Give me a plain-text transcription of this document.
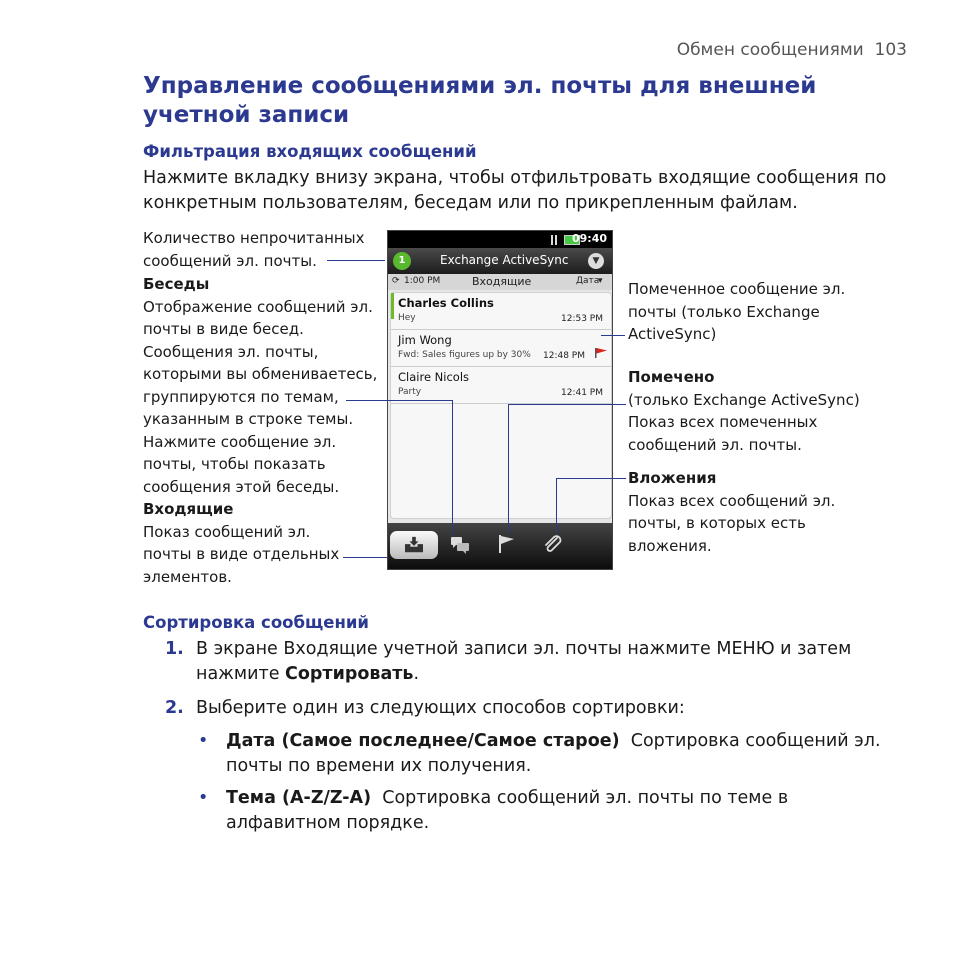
Обмен сообщениями 103
Управление сообщениями эл. почты для внешней учетной записи
Фильтрация входящих сообщений
Нажмите вкладку внизу экрана, чтобы отфильтровать входящие сообщения по конкретным пользователям, беседам или по прикрепленным файлам.
Количество непрочитанных сообщений эл. почты.
Беседы
Отображение сообщений эл. почты в виде бесед. Сообщения эл. почты, которыми вы обмениваетесь, группируются по темам, указанным в строке темы. Нажмите сообщение эл. почты, чтобы показать сообщения этой беседы.
Входящие
Показ сообщений эл. почты в виде отдельных элементов.
Помеченное сообщение эл. почты (только Exchange ActiveSync)
Помечено
(только Exchange ActiveSync) Показ всех помеченных сообщений эл. почты.
Вложения
Показ всех сообщений эл. почты, в которых есть вложения.
09:40
1	Exchange ActiveSync	▼
⟳ 1:00 PM	Входящие	Дата
▾
Charles Collins
Hey	12:53 PM
Jim Wong
Fwd: Sales figures up by 30% 12:48 PM
Claire Nicols
Party	12:41 PM
Сортировка сообщений
1. В экране Входящие учетной записи эл. почты нажмите МЕНЮ и затем нажмите Сортировать.
2. Выберите один из следующих способов сортировки:
•	Дата (Самое последнее/Самое старое) Сортировка сообщений эл. почты по времени их получения.
•	Тема (A-Z/Z-A) Сортировка сообщений эл. почты по теме в алфавитном порядке.
